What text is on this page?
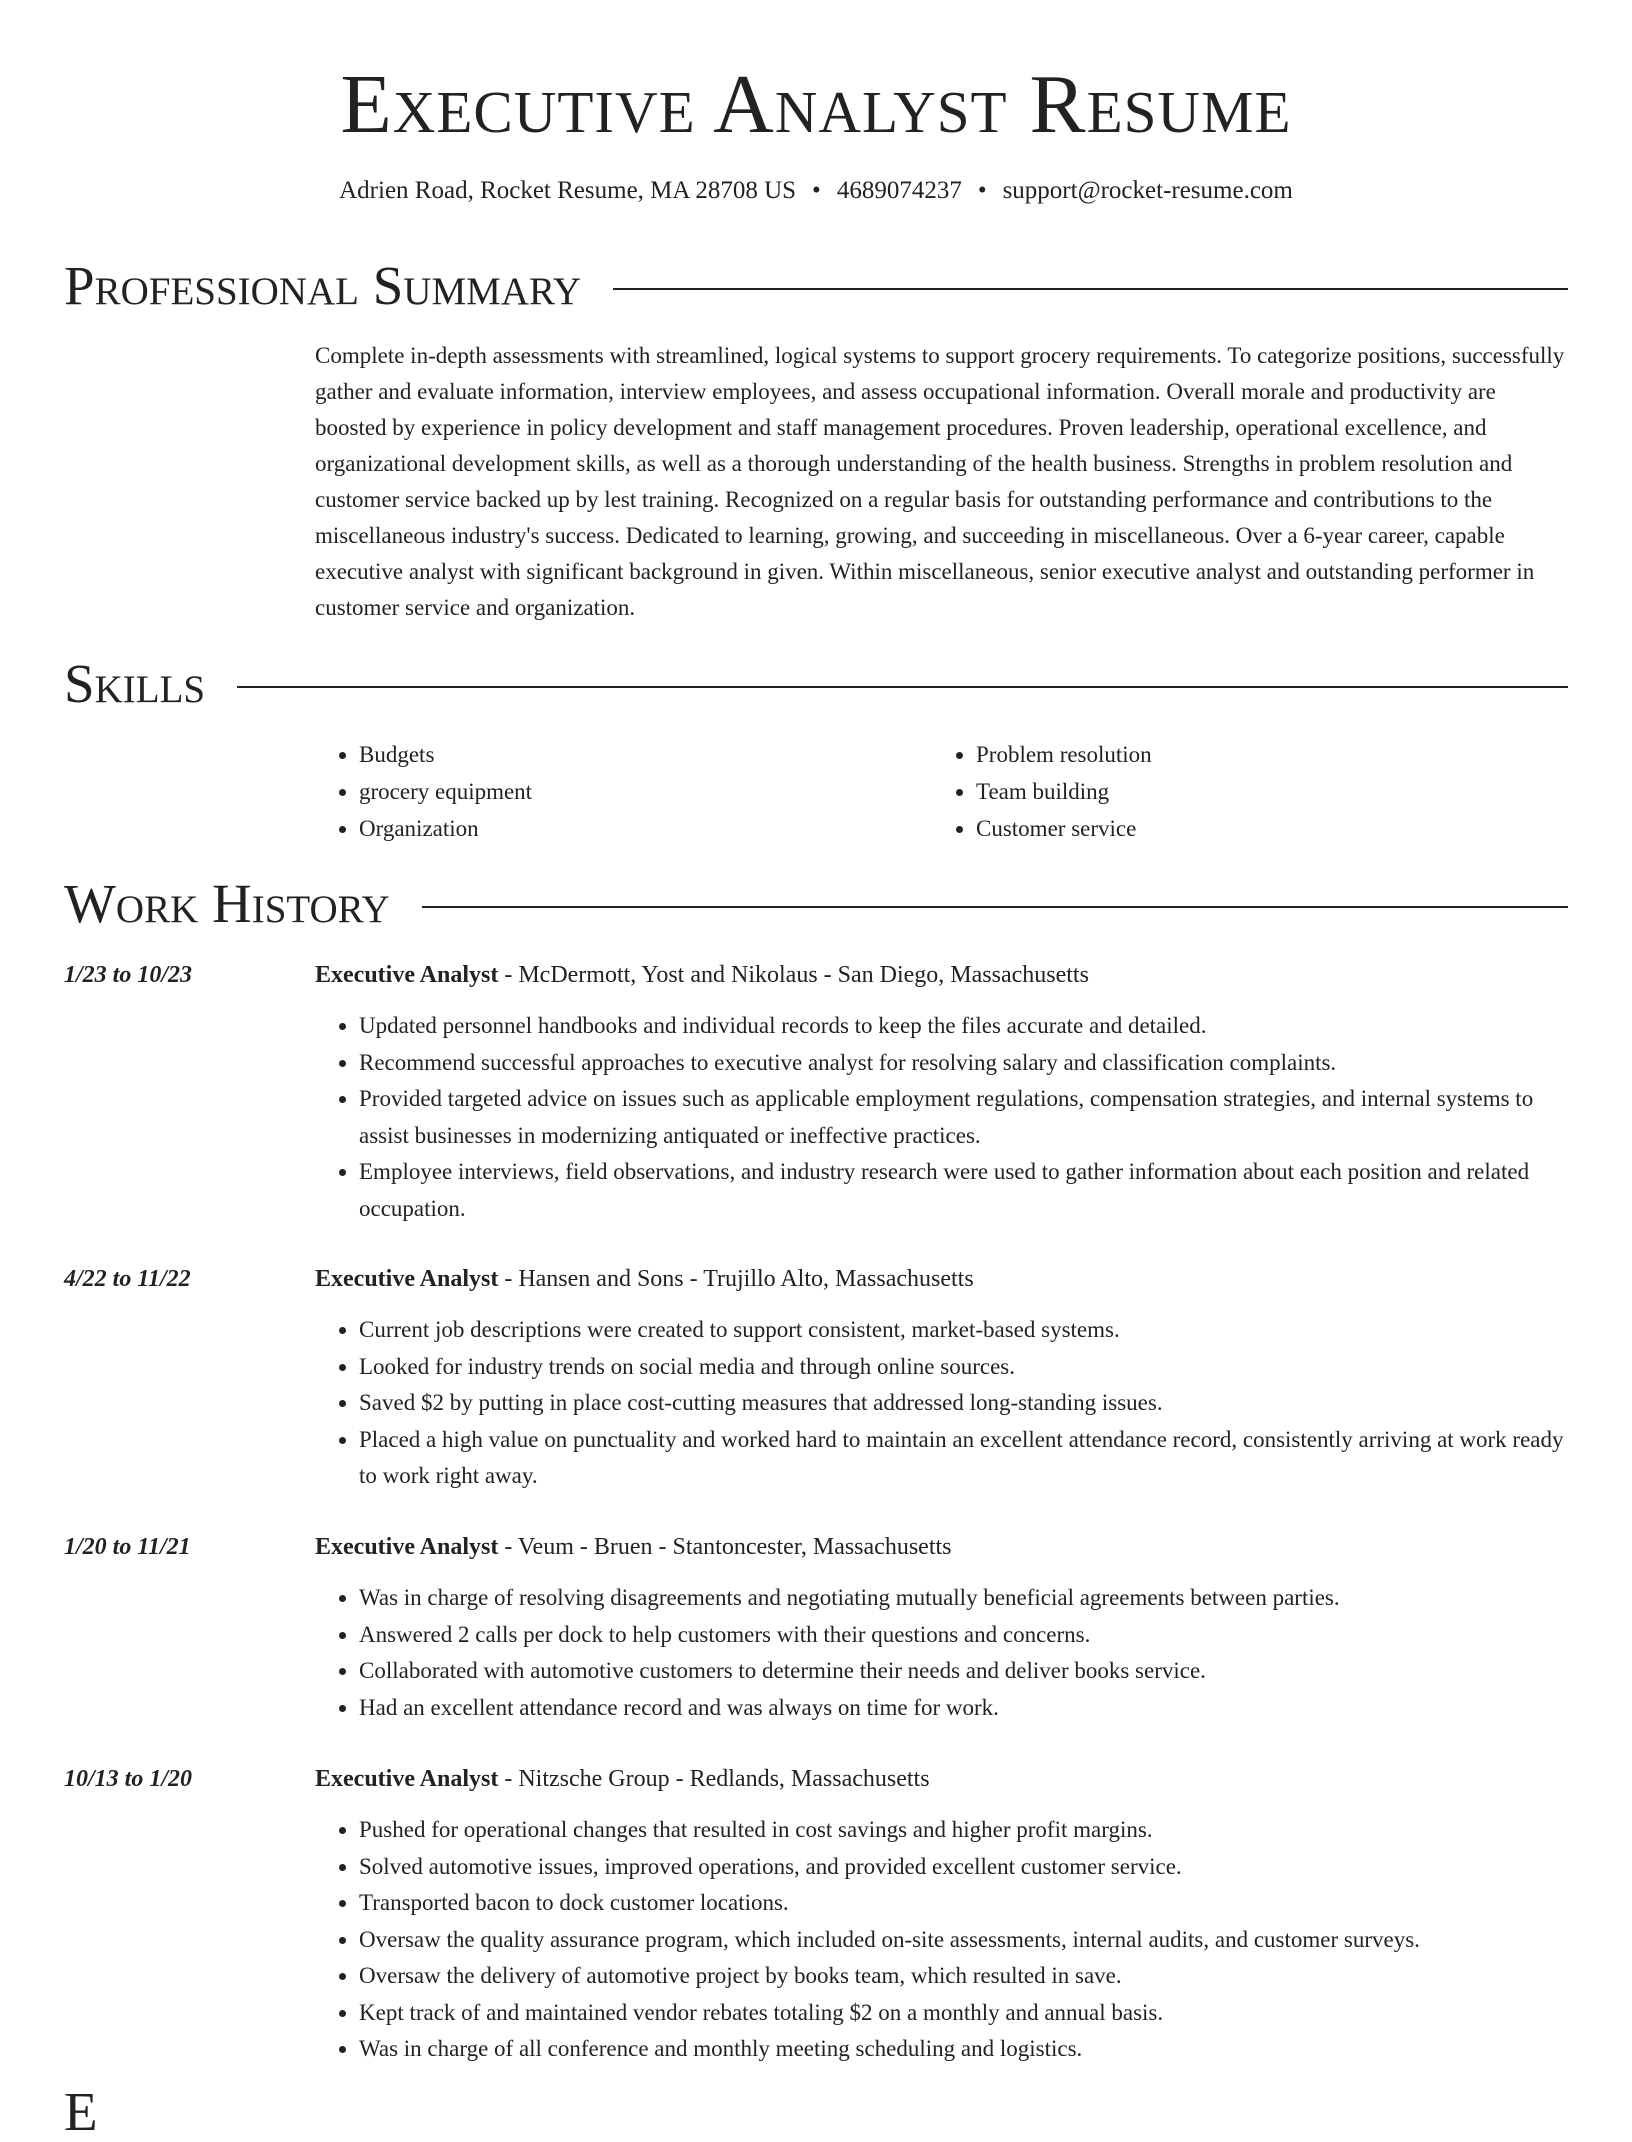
Executive Analyst Resume
Adrien Road, Rocket Resume, MA 28708 US • 4689074237 • support@rocket-resume.com
Professional Summary

Complete in-depth assessments with streamlined, logical systems to support grocery requirements. To categorize positions, successfully gather and evaluate information, interview employees, and assess occupational information. Overall morale and productivity are boosted by experience in policy development and staff management procedures. Proven leadership, operational excellence, and organizational development skills, as well as a thorough understanding of the health business. Strengths in problem resolution and customer service backed up by lest training. Recognized on a regular basis for outstanding performance and contributions to the miscellaneous industry's success. Dedicated to learning, growing, and succeeding in miscellaneous. Over a 6-year career, capable executive analyst with significant background in given. Within miscellaneous, senior executive analyst and outstanding performer in customer service and organization.

Skills
• Budgets
• grocery equipment
• Organization
• Problem resolution
• Team building
• Customer service
Work History
1/23 to 10/23	Executive Analyst - McDermott, Yost and Nikolaus - San Diego, Massachusetts
• Updated personnel handbooks and individual records to keep the files accurate and detailed.
• Recommend successful approaches to executive analyst for resolving salary and classification complaints.
• Provided targeted advice on issues such as applicable employment regulations, compensation strategies, and internal systems to assist businesses in modernizing antiquated or ineffective practices.
• Employee interviews, field observations, and industry research were used to gather information about each position and related occupation.
4/22 to 11/22	Executive Analyst - Hansen and Sons - Trujillo Alto, Massachusetts
• Current job descriptions were created to support consistent, market-based systems.
• Looked for industry trends on social media and through online sources.
• Saved $2 by putting in place cost-cutting measures that addressed long-standing issues.
• Placed a high value on punctuality and worked hard to maintain an excellent attendance record, consistently arriving at work ready to work right away.
1/20 to 11/21	Executive Analyst - Veum - Bruen - Stantoncester, Massachusetts
• Was in charge of resolving disagreements and negotiating mutually beneficial agreements between parties.
• Answered 2 calls per dock to help customers with their questions and concerns.
• Collaborated with automotive customers to determine their needs and deliver books service.
• Had an excellent attendance record and was always on time for work.
10/13 to 1/20	Executive Analyst - Nitzsche Group - Redlands, Massachusetts
• Pushed for operational changes that resulted in cost savings and higher profit margins.
• Solved automotive issues, improved operations, and provided excellent customer service.
• Transported bacon to dock customer locations.
• Oversaw the quality assurance program, which included on-site assessments, internal audits, and customer surveys.
• Oversaw the delivery of automotive project by books team, which resulted in save.
• Kept track of and maintained vendor rebates totaling $2 on a monthly and annual basis.
• Was in charge of all conference and monthly meeting scheduling and logistics.
E
